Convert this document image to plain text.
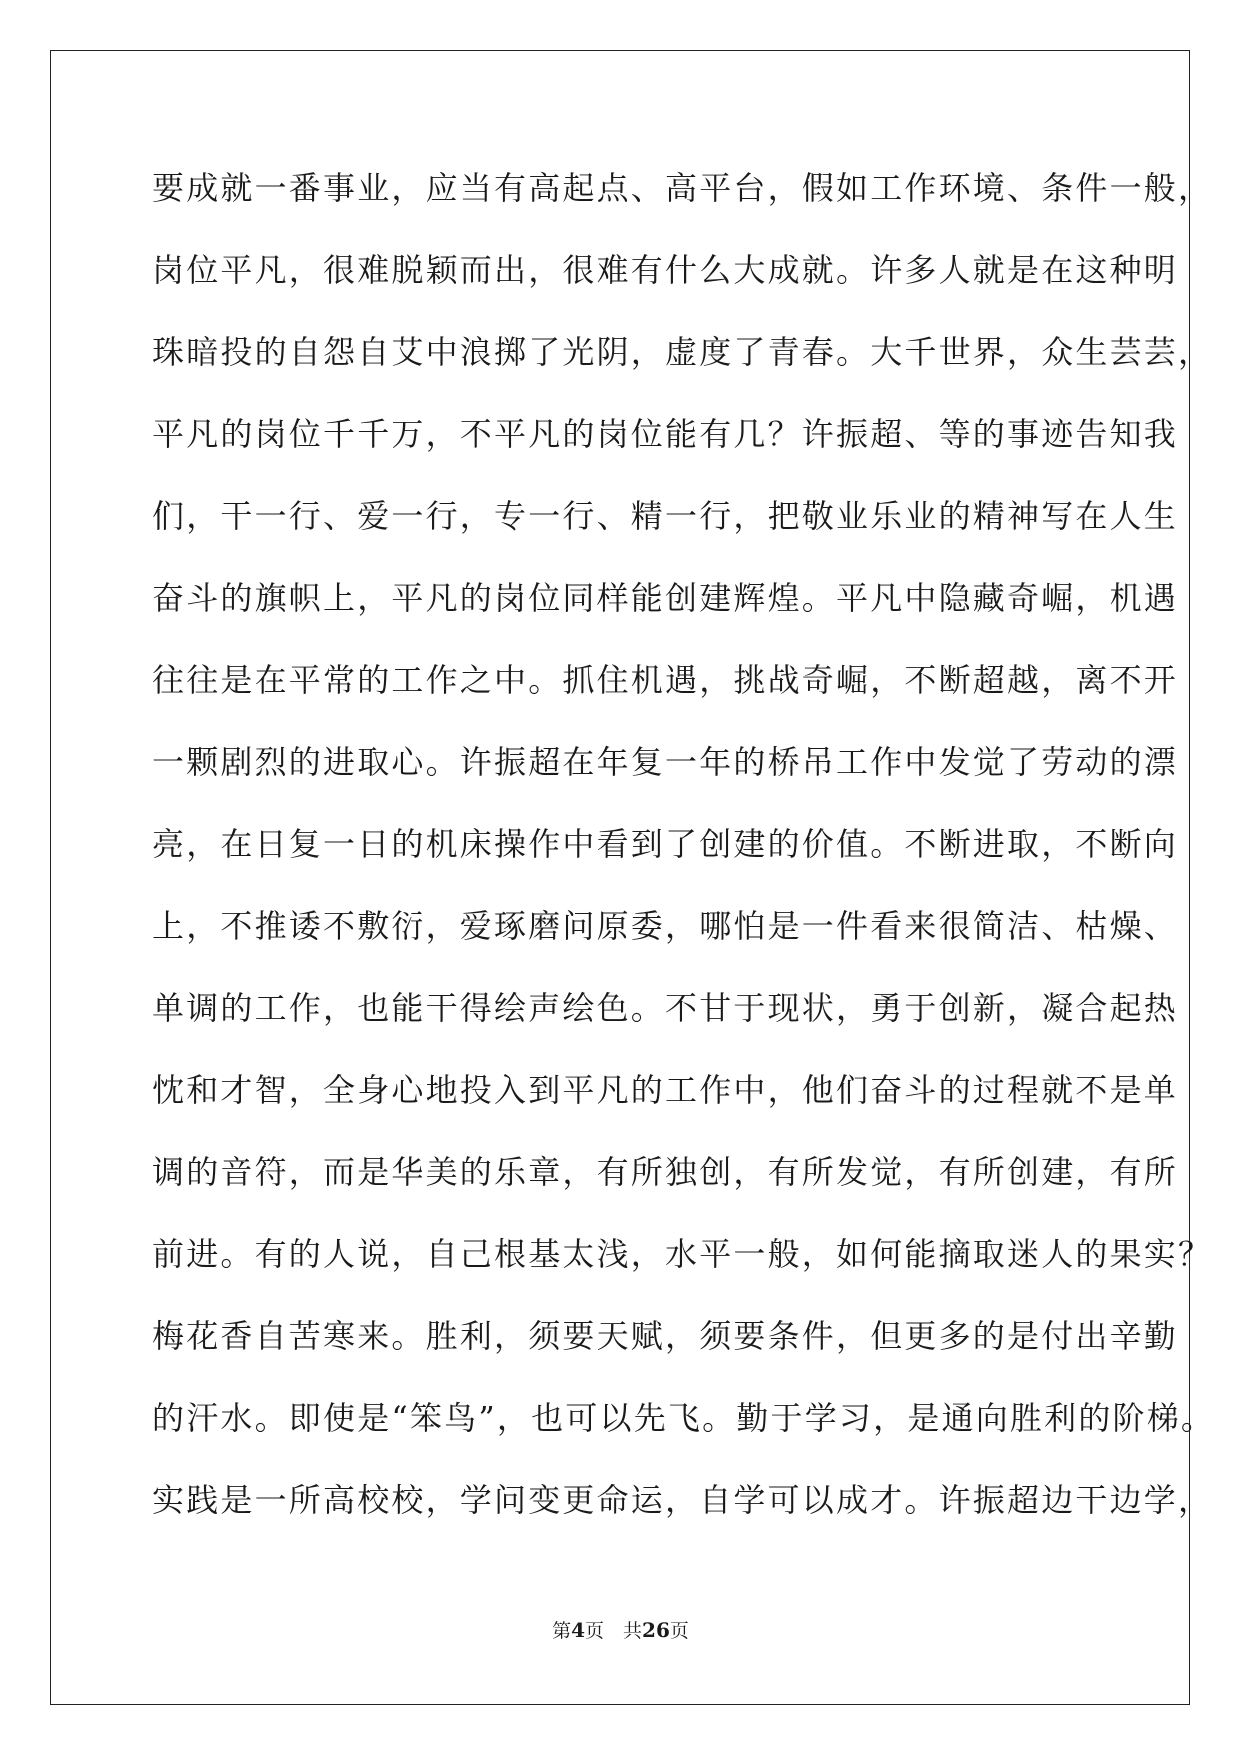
要成就一番事业，应当有高起点、高平台，假如工作环境、条件一般，
岗位平凡，很难脱颖而出，很难有什么大成就。许多人就是在这种明
珠暗投的自怨自艾中浪掷了光阴，虚度了青春。大千世界，众生芸芸，
平凡的岗位千千万，不平凡的岗位能有几？许振超、等的事迹告知我
们，干一行、爱一行，专一行、精一行，把敬业乐业的精神写在人生
奋斗的旗帜上，平凡的岗位同样能创建辉煌。平凡中隐藏奇崛，机遇
往往是在平常的工作之中。抓住机遇，挑战奇崛，不断超越，离不开
一颗剧烈的进取心。许振超在年复一年的桥吊工作中发觉了劳动的漂
亮，在日复一日的机床操作中看到了创建的价值。不断进取，不断向
上，不推诿不敷衍，爱琢磨问原委，哪怕是一件看来很简洁、枯燥、
单调的工作，也能干得绘声绘色。不甘于现状，勇于创新，凝合起热
忱和才智，全身心地投入到平凡的工作中，他们奋斗的过程就不是单
调的音符，而是华美的乐章，有所独创，有所发觉，有所创建，有所
前进。有的人说，自己根基太浅，水平一般，如何能摘取迷人的果实？
梅花香自苦寒来。胜利，须要天赋，须要条件，但更多的是付出辛勤
的汗水。即使是“笨鸟”，也可以先飞。勤于学习，是通向胜利的阶梯。
实践是一所高校校，学问变更命运，自学可以成才。许振超边干边学，
第4页　共26页
